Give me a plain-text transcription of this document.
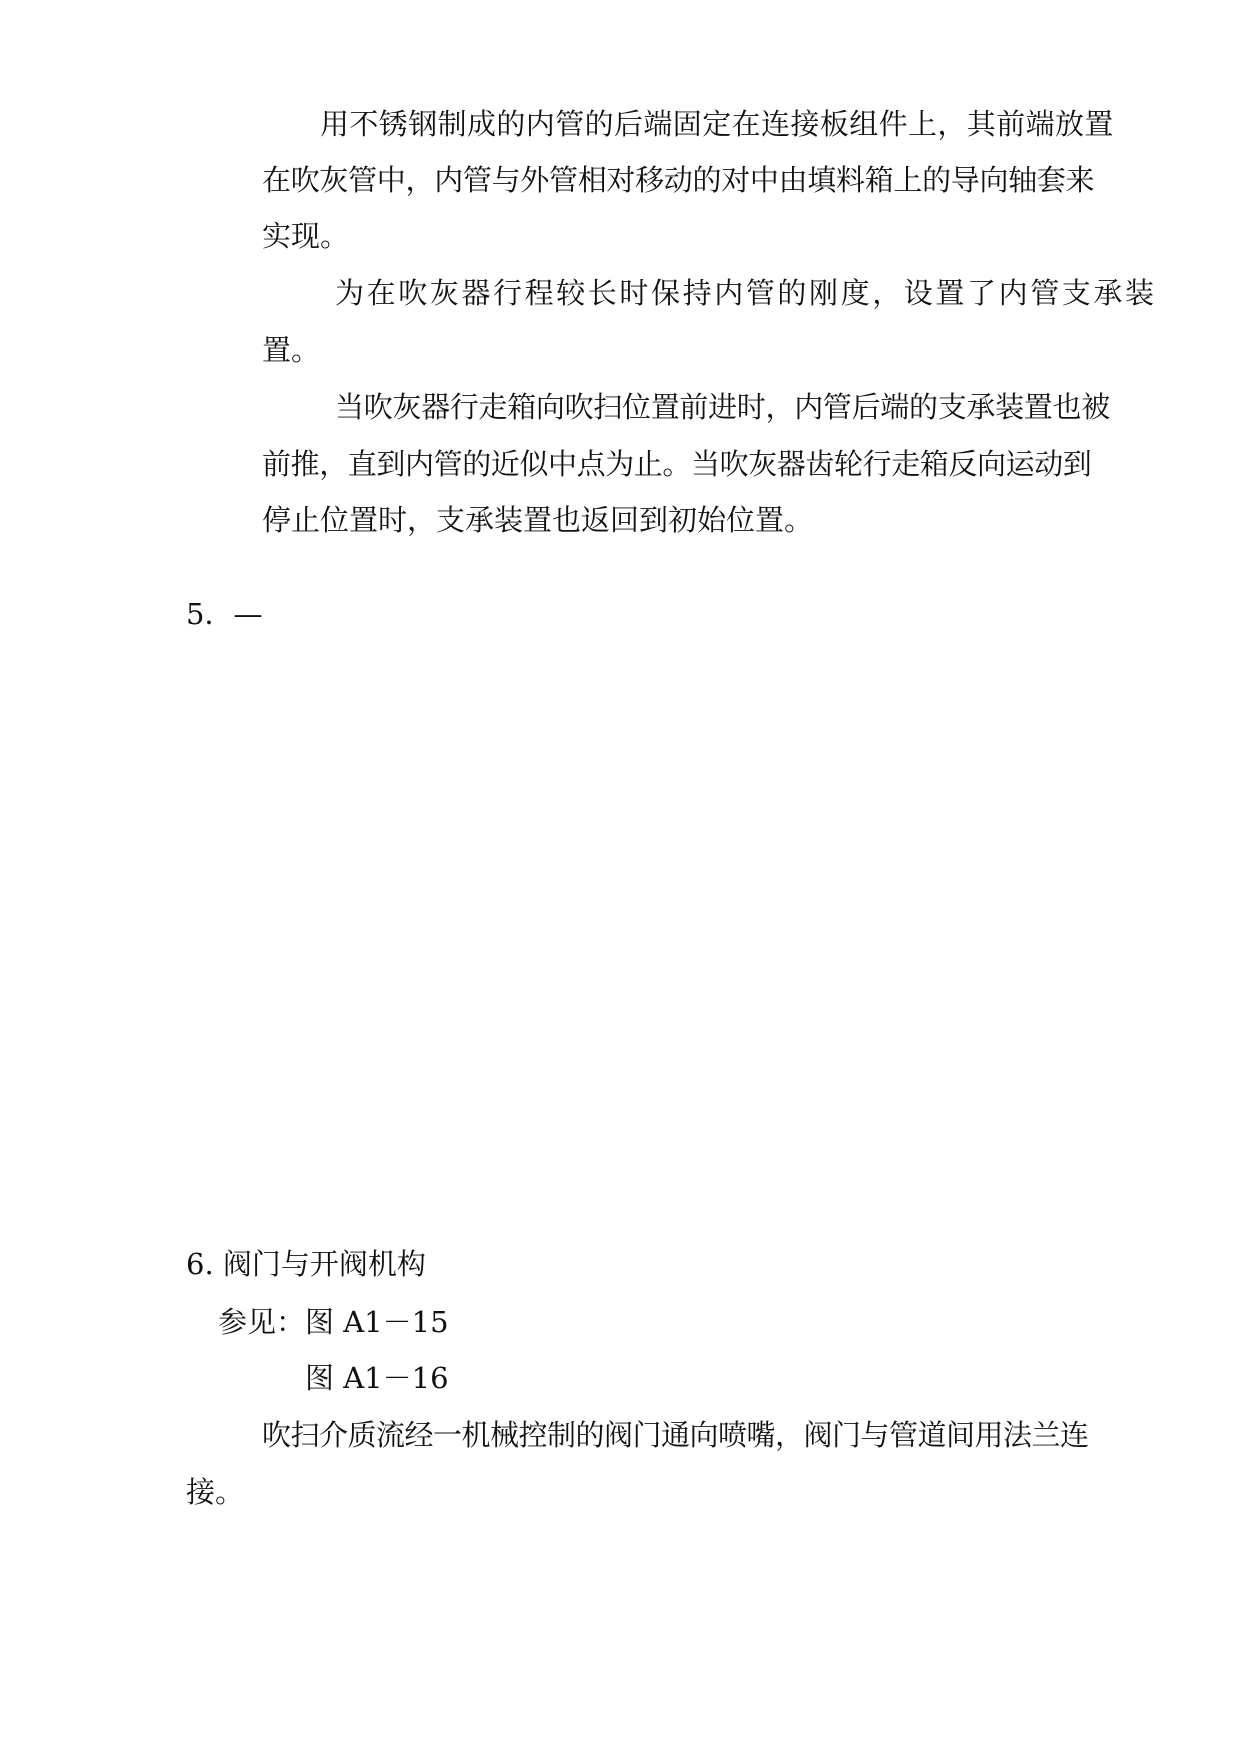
用不锈钢制成的内管的后端固定在连接板组件上，其前端放置
在吹灰管中，内管与外管相对移动的对中由填料箱上的导向轴套来
实现。
为在吹灰器行程较长时保持内管的刚度，设置了内管支承装
置。
当吹灰器行走箱向吹扫位置前进时，内管后端的支承装置也被
前推，直到内管的近似中点为止。当吹灰器齿轮行走箱反向运动到
停止位置时，支承装置也返回到初始位置。
5．—
6. 阀门与开阀机构
参见：图 A1－15
图 A1－16
吹扫介质流经一机械控制的阀门通向喷嘴，阀门与管道间用法兰连
接。
